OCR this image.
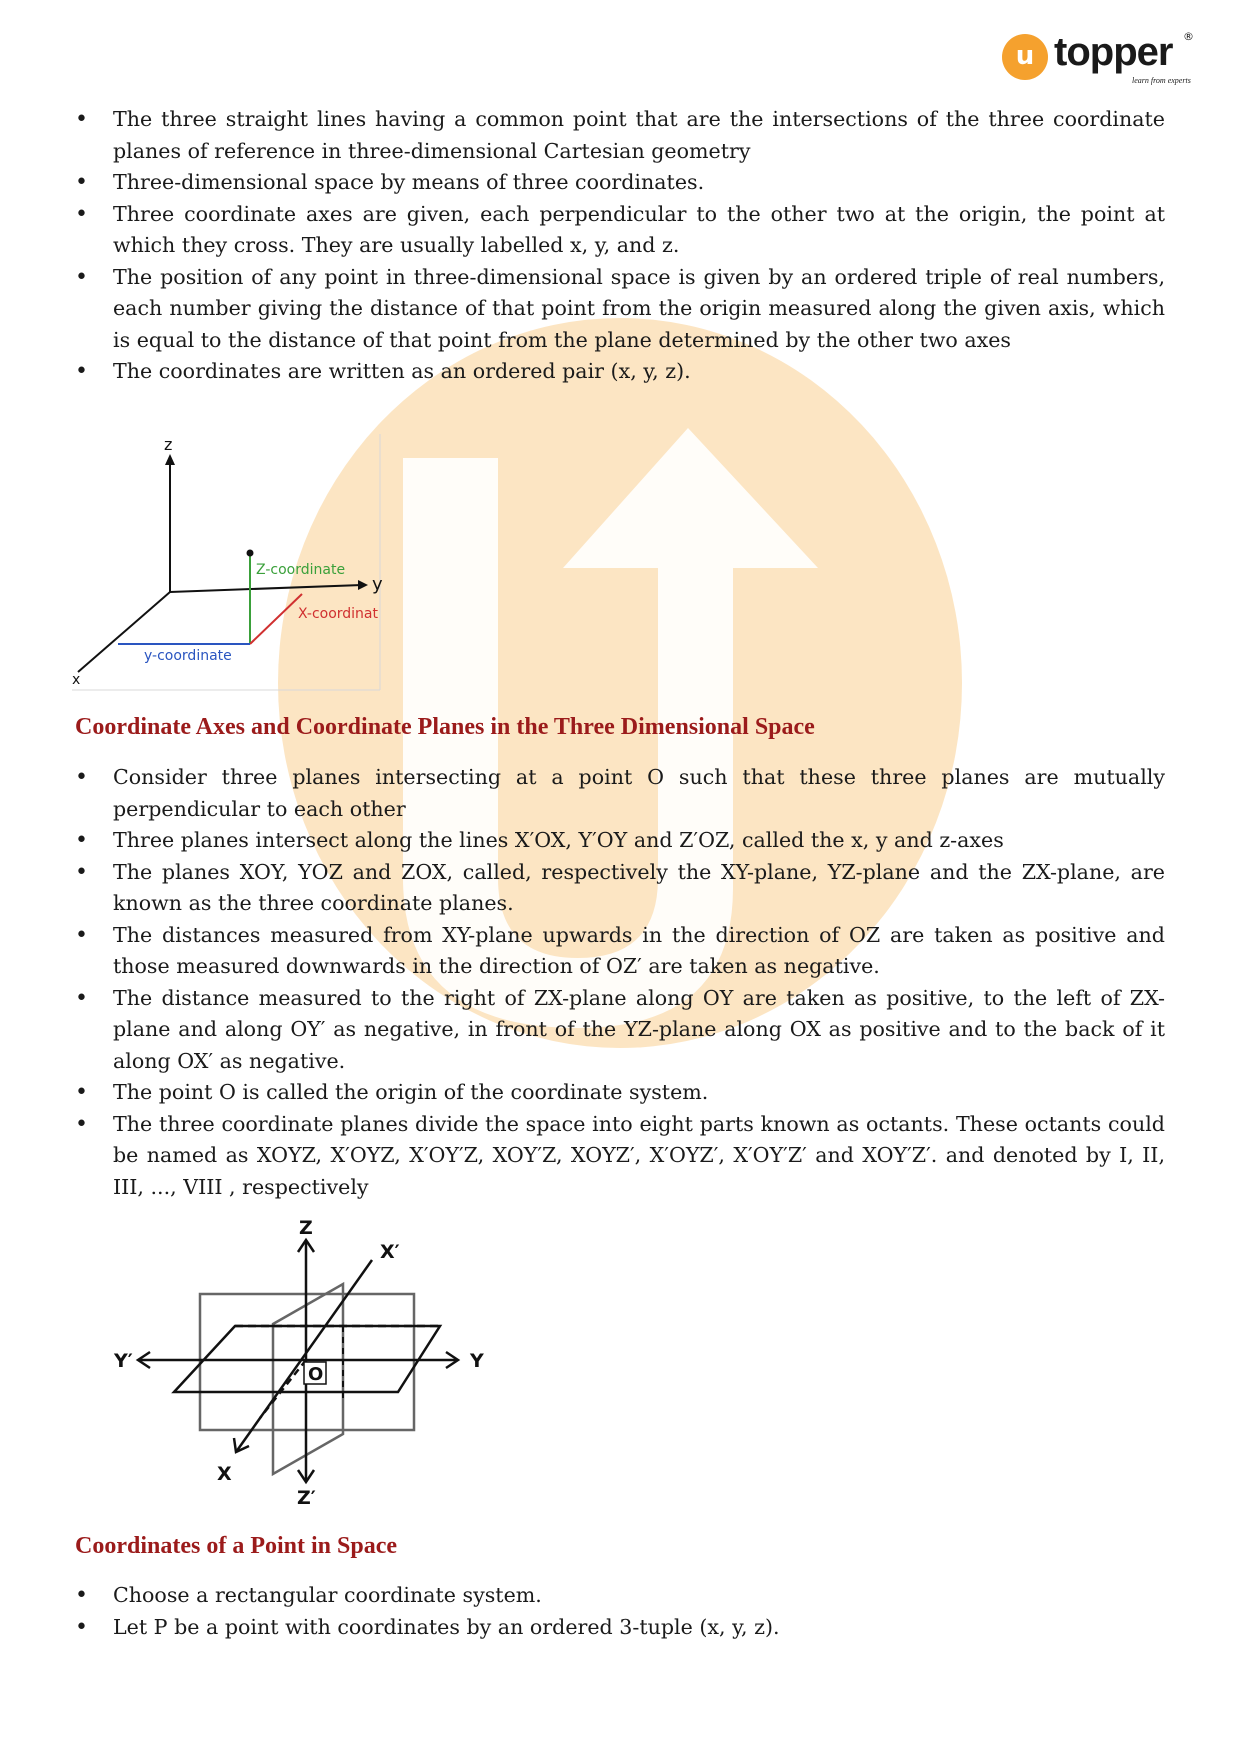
u topper ®
learn from experts
• The three straight lines having a common point that are the intersections of the three coordinate planes of reference in three-dimensional Cartesian geometry
• Three-dimensional space by means of three coordinates.
• Three coordinate axes are given, each perpendicular to the other two at the origin, the point at which they cross. They are usually labelled x, y, and z.
• The position of any point in three-dimensional space is given by an ordered triple of real numbers, each number giving the distance of that point from the origin measured along the given axis, which is equal to the distance of that point from the plane determined by the other two axes
• The coordinates are written as an ordered pair (x, y, z).
z
y
x
Z-coordinate
X-coordinat
y-coordinate
Coordinate Axes and Coordinate Planes in the Three Dimensional Space
• Consider three planes intersecting at a point O such that these three planes are mutually perpendicular to each other
• Three planes intersect along the lines X′OX, Y′OY and Z′OZ, called the x, y and z-axes
• The planes XOY, YOZ and ZOX, called, respectively the XY-plane, YZ-plane and the ZX-plane, are known as the three coordinate planes.
• The distances measured from XY-plane upwards in the direction of OZ are taken as positive and those measured downwards in the direction of OZ′ are taken as negative.
• The distance measured to the right of ZX-plane along OY are taken as positive, to the left of ZX-plane and along OY′ as negative, in front of the YZ-plane along OX as positive and to the back of it along OX′ as negative.
• The point O is called the origin of the coordinate system.
• The three coordinate planes divide the space into eight parts known as octants. These octants could be named as XOYZ, X′OYZ, X′OY′Z, XOY′Z, XOYZ′, X′OYZ′, X′OY′Z′ and XOY′Z′. and denoted by I, II, III, ..., VIII , respectively
O
Z
Z′
X′
X
Y
Y′
Coordinates of a Point in Space
• Choose a rectangular coordinate system.
• Let P be a point with coordinates by an ordered 3-tuple (x, y, z).
